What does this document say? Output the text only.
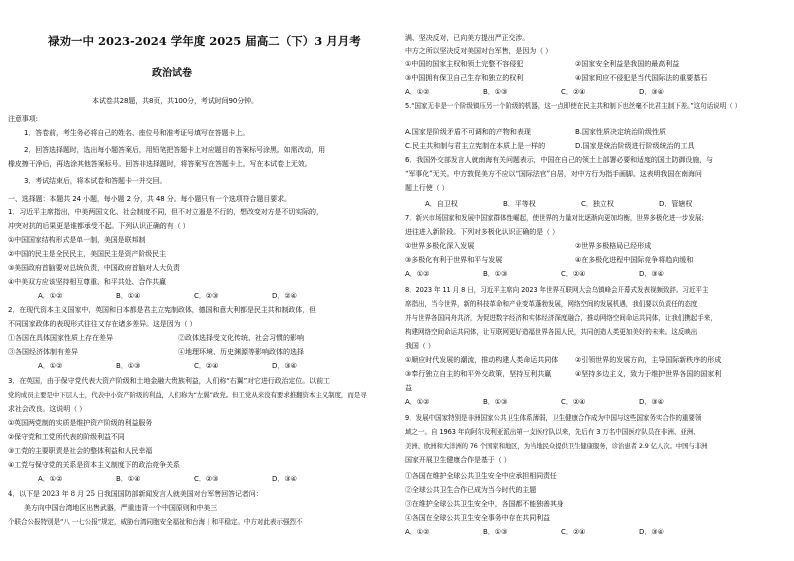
禄劝一中 2023-2024 学年度 2025 届高二（下）3 月月考
政治试卷
本试卷共28题，共8页，共100分，考试时间90分钟。
注意事项:
1．答卷前，考生务必将自己的姓名、座位号和准考证号填写在答题卡上。
2．回答选择题时，选出每小题答案后，用铅笔把答题卡上对应题目的答案标号涂黑。如需改动，用
橡皮擦干净后，再选涂其他答案标号。回答非选择题时，将答案写在答题卡上。写在本试卷上无效。
3．考试结束后，将本试卷和答题卡一并交回。
一、选择题：本题共 24 小题，每小题 2 分，共 48 分。每小题只有一个选项符合题目要求。
1．习近平主席指出，中美两国文化、社会制度不同，但不对立遏是不行的，想改变对方是不切实际的，
冲突对抗的后果更是谁都承受不起。下列认识正确的有（ ）
①中国国家结构形式是单一制，美国是联邦制
②中国的民主是全民民主，美国民主是资产阶级民主
③美国政府首脑要对总统负责，中国政府首脑对人大负责
④中美双方应该坚持相互尊重、和平共处、合作共赢
A．①②	B．①④	C．②③	D．②④
2．在现代资本主义国家中，英国和日本都是君主立宪制政体，德国和意大利都是民主共和制政体，但
不同国家政体的表现形式往往又存在诸多差异。这是因为（ ）
①各国在具体国家性质上存在差异	②政体选择受文化传统、社会习惯的影响
③各国经济体制有差异	④地理环境、历史渊源等影响政体的选择
A．①②	B．①③	C．②④	D．③④
3．在英国，由于保守党代表大资产阶级和土地金融大贵族利益，人们称“右翼”对它进行政治定位。以前工
党的成员主要是中下层人士，代表中小资产阶级的利益，人们称为“左翼”政党。但工党从来没有要求推翻资本主义制度，而是寻
求社会改良。这说明（ ）
①英国两党制的实质是维护资产阶级的利益服务
②保守党和工党所代表的阶级利益不同
③工党的主要职责是社会的整体利益和人民幸福
④工党与保守党的关系是资本主义制度下的政治竞争关系
A．①②	B．①④	C．②③	D．③④
4．以下是 2023 年 8 月 25 日我国国防部新闻发言人就美国对台军售回答记者问：
美方向中国台湾地区出售武器，严重违背一个中国原则和中美三
个联合公报特别是“八 一七公报”规定，威胁台湾同胞安全福祉和台海｜和平稳定。中方对此表示强烈不
满、坚决反对，已向美方提出严正交涉。
中方之所以坚决反对美国对台军售，是因为（ ）
①中国的国家主权和领土完整不容侵犯	②国家安全利益是我国的最高利益
③中国拥有保卫自己生存和独立的权利	④国家间应不侵犯是当代国际法的重要基石
A．①②	B．①③	C．②④	D．③④
5.“国家无非是一个阶级镇压另一个阶级的机器，这一点即使在民主共和制下也丝毫不比君主制下差。”这句话说明（ ）
A.国家是阶级矛盾不可调和的产物和表现	B.国家性质决定统治阶级性质
C.民主共和制与君主立宪制在本质上是一样的	D.国家是统治阶级进行阶级统治的工具
6．我国外交部发言人就南海有关问题表示，中国在自己的领土上部署必要和适度的国土防御设施，与
“军事化”无关。中方敦促美方不应以“国际法官”自居，对中方行为指手画脚。这表明我国在南海问
题上行使（ ）
A．自卫权	B．平等权	C．独立权	D．管辖权
7．新兴市场国家和发展中国家群体性崛起，使世界的力量对比逐渐向更加均衡，世界多极化进一步发展；
进往进入新阶段。下列对多极化认识正确的是（ ）
①世界多极化深入发展	②世界多极格局已经形成
③多极化有利于世界和平与发展	④在多极化进程中国际竞争将趋向缓和
A．①②	B．①③	C．②④	D．③④
8．2023 年 11 月 8 日，习近平主席向 2023 年世界互联网大会乌镇峰会开幕式发表视频致辞。习近平主
席指出，当今世界，新的科技革命和产业变革蓬勃发展，网络空间的发展机遇，我们要以负责任的态度
并与世界各国同舟共济，为促进数字经济和实体经济深度融合，推动网络空间命运共同体，让我们携起手来，
构建网络空间命运共同体，让互联网更好造福世界各国人民，共同创造人类更加美好的未来。这反映出
我国（ ）
①顺应时代发展的潮流，推动构建人类命运共同体	②引领世界的发展方向，主导国际新秩序的形成
③奉行独立自主的和平外交政策，坚持互利共赢	④坚持多边主义，致力于维护世界各国的国家利
益
A．①②	B．①③	C．②④	D．③④
9．发展中国家特别是非洲国家公共卫生体系薄弱，卫生健康合作成为中国与这些国家务实合作的重要领
域之一。自 1963 年向阿尔及利亚派出第一支医疗队以来，先后有 3 万名中国医疗队员在非洲、亚洲、
美洲、欧洲和大洋洲的 76 个国家和地区，为当地民众提供卫生健康服务，诊治患者 2.9 亿人次。中国与非洲
国家开展卫生健康合作是基于（ ）
①各国在维护全球公共卫生安全中应承担相同责任
②全球公共卫生合作已成为当今时代的主题
③在维护全球公共卫生安全中，各国都不能独善其身
④各国在全球公共卫生安全事务中存在共同利益
A．①②	B．①③	C．②④	D．③④
